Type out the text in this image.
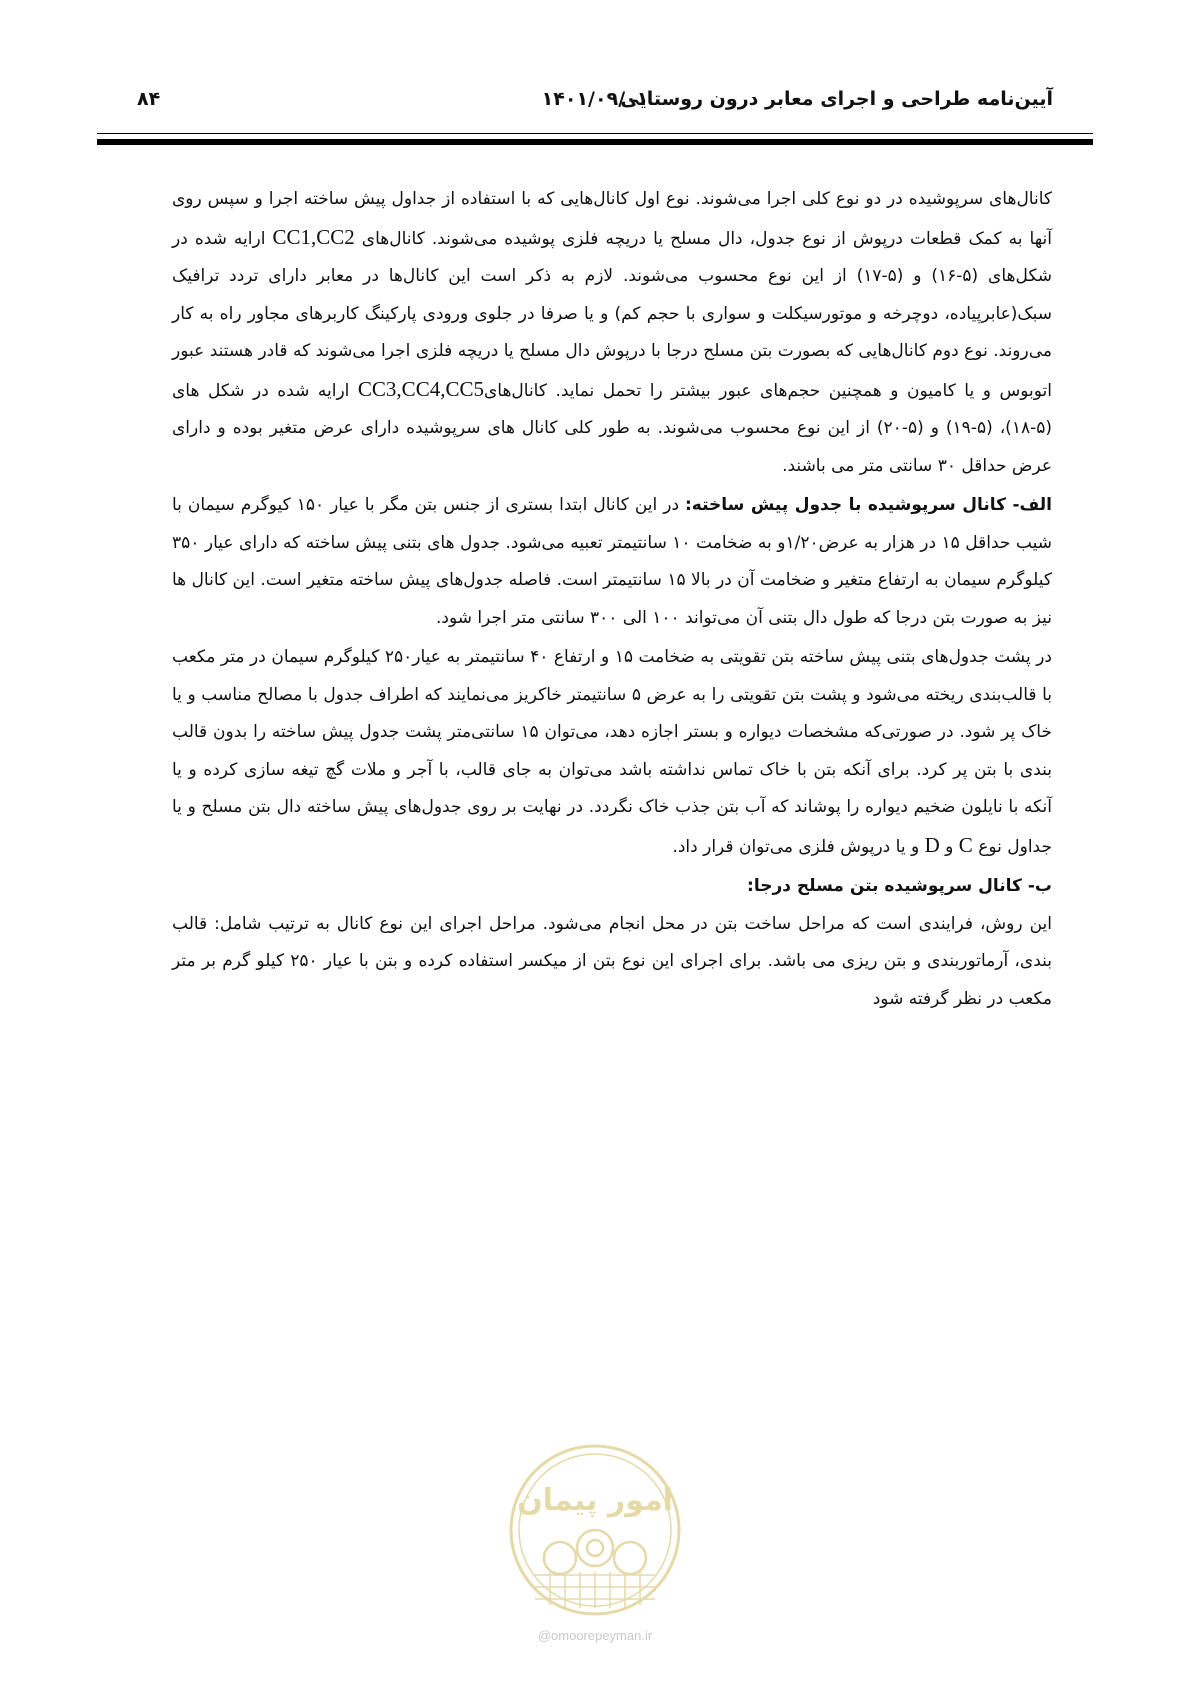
آیین‌نامه طراحی و اجرای معابر درون روستایی
۱۴۰۱/۰۹/۰۱
۸۴

کانال‌های سرپوشیده در دو نوع کلی اجرا می‌شوند. نوع اول کانال‌هایی که با استفاده از جداول پیش ساخته اجرا و سپس روی آنها به کمک قطعات درپوش از نوع جدول، دال مسلح یا دریچه فلزی پوشیده می‌شوند. کانال‌های CC1,CC2 ارایه شده در شکل‌های (۵-۱۶) و (۵-۱۷) از این نوع محسوب می‌شوند. لازم به ذکر است این کانال‌ها در معابر دارای تردد ترافیک سبک(عابرپیاده، دوچرخه و موتورسیکلت و سواری با حجم کم) و یا صرفا در جلوی ورودی پارکینگ کاربرهای مجاور راه به کار می‌روند. نوع دوم کانال‌هایی که بصورت بتن مسلح درجا با درپوش دال مسلح یا دریچه فلزی اجرا می‌شوند که قادر هستند عبور اتوبوس و یا کامیون و همچنین حجم‌های عبور بیشتر را تحمل نماید. کانال‌هایCC3,CC4,CC5 ارایه شده در شکل های (۵-۱۸)، (۵-۱۹) و (۵-۲۰) از این نوع محسوب می‌شوند. به طور کلی کانال های سرپوشیده دارای عرض متغیر بوده و دارای عرض حداقل ۳۰ سانتی متر می باشند.

الف- کانال سرپوشیده با جدول پیش ساخته: در این کانال ابتدا بستری از جنس بتن مگر با عیار ۱۵۰ کیوگرم سیمان با شیب حداقل ۱۵ در هزار به عرض۱/۲۰و به ضخامت ۱۰ سانتیمتر تعبیه می‌شود. جدول های بتنی پیش ساخته که دارای عیار ۳۵۰ کیلوگرم سیمان به ارتفاع متغیر و ضخامت آن در بالا ۱۵ سانتیمتر است. فاصله جدول‌های پیش ساخته متغیر است. این کانال ها نیز به صورت بتن درجا که طول دال بتنی آن می‌تواند ۱۰۰ الی ۳۰۰ سانتی متر اجرا شود.

در پشت جدول‌های بتنی پیش ساخته بتن تقویتی به ضخامت ۱۵ و ارتفاع ۴۰ سانتیمتر به عیار۲۵۰ کیلوگرم سیمان در متر مکعب با قالب‌بندی ریخته می‌شود و پشت بتن تقویتی را به عرض ۵ سانتیمتر خاکریز می‌نمایند که اطراف جدول با مصالح مناسب و یا خاک پر شود. در صورتی‌که مشخصات دیواره و بستر اجازه دهد، می‌توان ۱۵ سانتی‌متر پشت جدول پیش ساخته را بدون قالب بندی با بتن پر کرد. برای آنکه بتن با خاک تماس نداشته باشد می‌توان به جای قالب، با آجر و ملات گچ تیغه سازی کرده و یا آنکه با نایلون ضخیم دیواره را پوشاند که آب بتن جذب خاک نگردد. در نهایت بر روی جدول‌های پیش ساخته دال بتن مسلح و یا جداول نوع C و D و یا درپوش فلزی می‌توان قرار داد.

ب- کانال سرپوشیده بتن مسلح درجا:

این روش، فرایندی است که مراحل ساخت بتن در محل انجام می‌شود. مراحل اجرای این نوع کانال به ترتیب شامل: قالب بندی، آرماتوربندی و بتن ریزی می باشد. برای اجرای این نوع بتن از میکسر استفاده کرده و بتن با عیار ۲۵۰ کیلو گرم بر متر مکعب در نظر گرفته شود

امور پیمان
@omoorepeyman.ir
